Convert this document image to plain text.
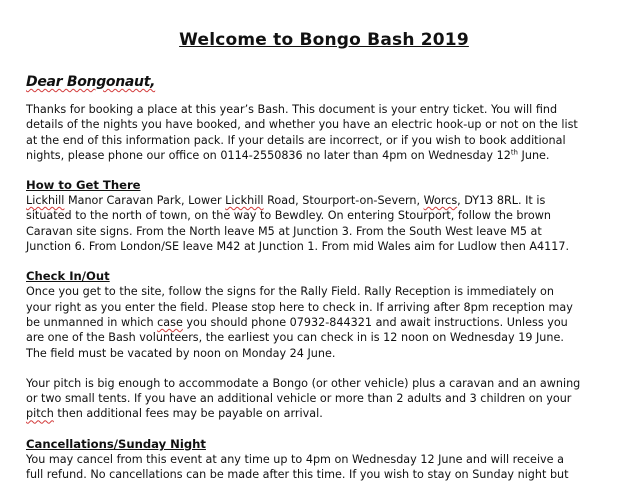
Welcome to Bongo Bash 2019

Dear Bongonaut,

Thanks for booking a place at this year’s Bash. This document is your entry ticket. You will find
details of the nights you have booked, and whether you have an electric hook-up or not on the list
at the end of this information pack. If your details are incorrect, or if you wish to book additional
nights, please phone our office on 0114-2550836 no later than 4pm on Wednesday 12th June.

How to Get There

Lickhill Manor Caravan Park, Lower Lickhill Road, Stourport-on-Severn, Worcs, DY13 8RL. It is
situated to the north of town, on the way to Bewdley. On entering Stourport, follow the brown
Caravan site signs. From the North leave M5 at Junction 3. From the South West leave M5 at
Junction 6. From London/SE leave M42 at Junction 1. From mid Wales aim for Ludlow then A4117.

Check In/Out

Once you get to the site, follow the signs for the Rally Field. Rally Reception is immediately on
your right as you enter the field. Please stop here to check in. If arriving after 8pm reception may
be unmanned in which case you should phone 07932-844321 and await instructions. Unless you
are one of the Bash volunteers, the earliest you can check in is 12 noon on Wednesday 19 June.
The field must be vacated by noon on Monday 24 June.

Your pitch is big enough to accommodate a Bongo (or other vehicle) plus a caravan and an awning
or two small tents. If you have an additional vehicle or more than 2 adults and 3 children on your
pitch then additional fees may be payable on arrival.

Cancellations/Sunday Night

You may cancel from this event at any time up to 4pm on Wednesday 12 June and will receive a
full refund. No cancellations can be made after this time. If you wish to stay on Sunday night but
